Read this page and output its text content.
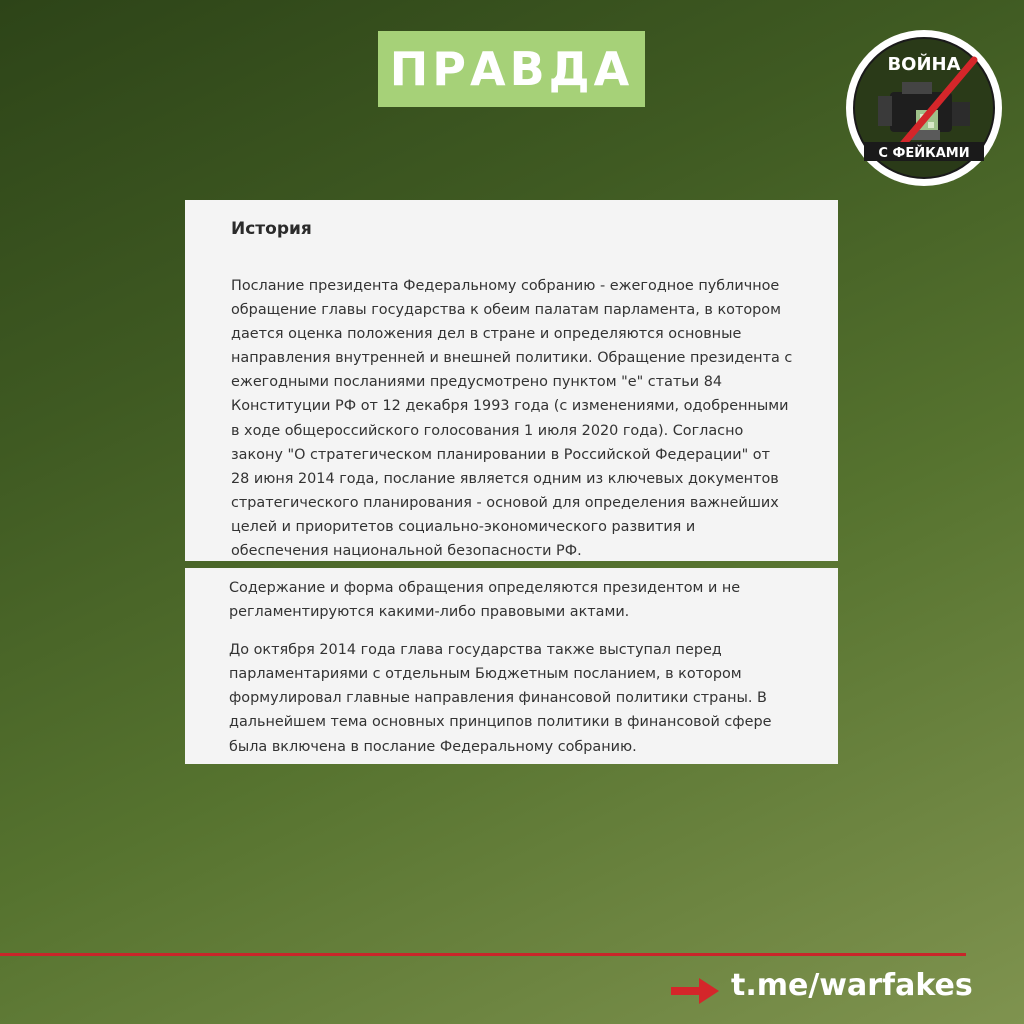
ПРАВДА	ВОЙНА
С ФЕЙКАМИ
История

Послание президента Федеральному собранию - ежегодное публичное
обращение главы государства к обеим палатам парламента, в котором
дается оценка положения дел в стране и определяются основные
направления внутренней и внешней политики. Обращение президента с
ежегодными посланиями предусмотрено пунктом "е" статьи 84
Конституции РФ от 12 декабря 1993 года (с изменениями, одобренными
в ходе общероссийского голосования 1 июля 2020 года). Согласно
закону "О стратегическом планировании в Российской Федерации" от
28 июня 2014 года, послание является одним из ключевых документов
стратегического планирования - основой для определения важнейших
целей и приоритетов социально-экономического развития и
обеспечения национальной безопасности РФ.

Содержание и форма обращения определяются президентом и не
регламентируются какими-либо правовыми актами.

До октября 2014 года глава государства также выступал перед
парламентариями с отдельным Бюджетным посланием, в котором
формулировал главные направления финансовой политики страны. В
дальнейшем тема основных принципов политики в финансовой сфере
была включена в послание Федеральному собранию.

t.me/warfakes
